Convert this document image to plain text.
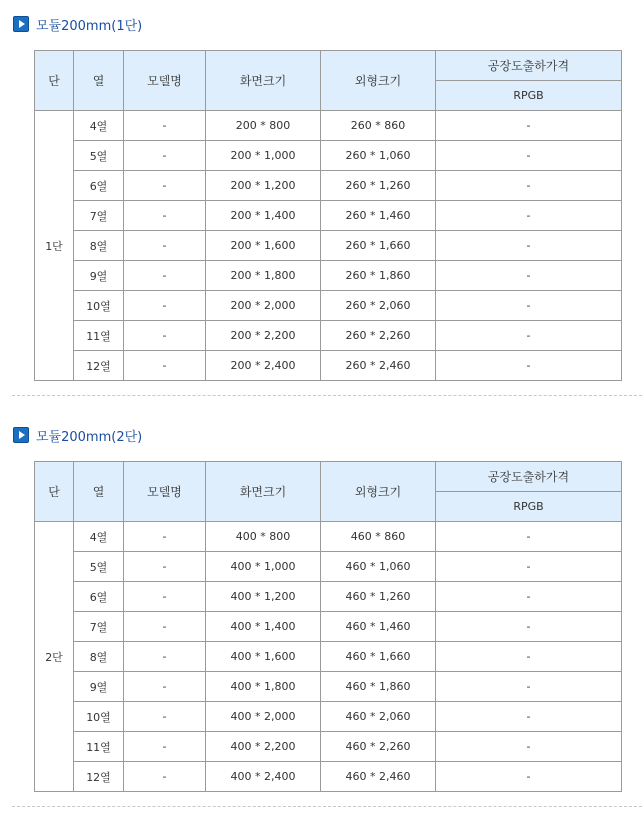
모듈200mm(1단)
단	열	모델명	화면크기	외형크기	공장도출하가격
					RPGB
1단	4열	-	200 * 800	260 * 860	-
	5열	-	200 * 1,000	260 * 1,060	-
	6열	-	200 * 1,200	260 * 1,260	-
	7열	-	200 * 1,400	260 * 1,460	-
	8열	-	200 * 1,600	260 * 1,660	-
	9열	-	200 * 1,800	260 * 1,860	-
	10열	-	200 * 2,000	260 * 2,060	-
	11열	-	200 * 2,200	260 * 2,260	-
	12열	-	200 * 2,400	260 * 2,460	-
모듈200mm(2단)
단	열	모델명	화면크기	외형크기	공장도출하가격
					RPGB
2단	4열	-	400 * 800	460 * 860	-
	5열	-	400 * 1,000	460 * 1,060	-
	6열	-	400 * 1,200	460 * 1,260	-
	7열	-	400 * 1,400	460 * 1,460	-
	8열	-	400 * 1,600	460 * 1,660	-
	9열	-	400 * 1,800	460 * 1,860	-
	10열	-	400 * 2,000	460 * 2,060	-
	11열	-	400 * 2,200	460 * 2,260	-
	12열	-	400 * 2,400	460 * 2,460	-
